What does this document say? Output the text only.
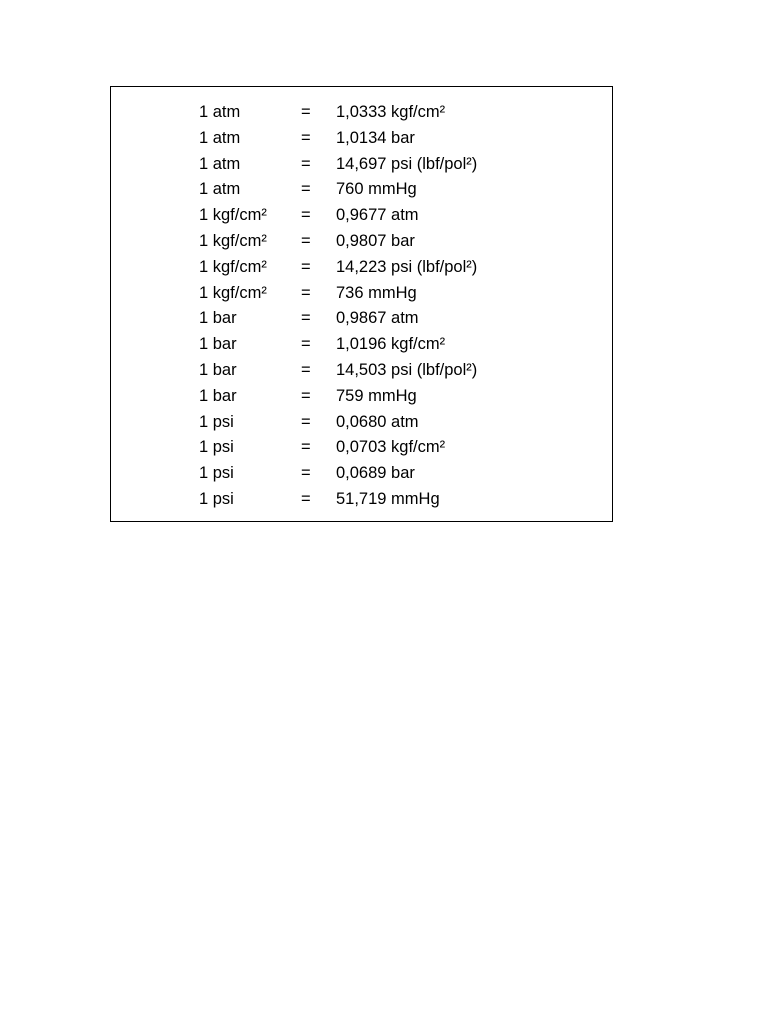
1 atm	= 1,0333 kgf/cm²
1 atm	= 1,0134 bar
1 atm	= 14,697 psi (lbf/pol²)
1 atm	= 760 mmHg
1 kgf/cm² = 0,9677 atm
1 kgf/cm² = 0,9807 bar
1 kgf/cm² = 14,223 psi (lbf/pol²)
1 kgf/cm² = 736 mmHg
1 bar	= 0,9867 atm
1 bar	= 1,0196 kgf/cm²
1 bar	= 14,503 psi (lbf/pol²)
1 bar	= 759 mmHg
1 psi	= 0,0680 atm
1 psi	= 0,0703 kgf/cm²
1 psi	= 0,0689 bar
1 psi	= 51,719 mmHg
